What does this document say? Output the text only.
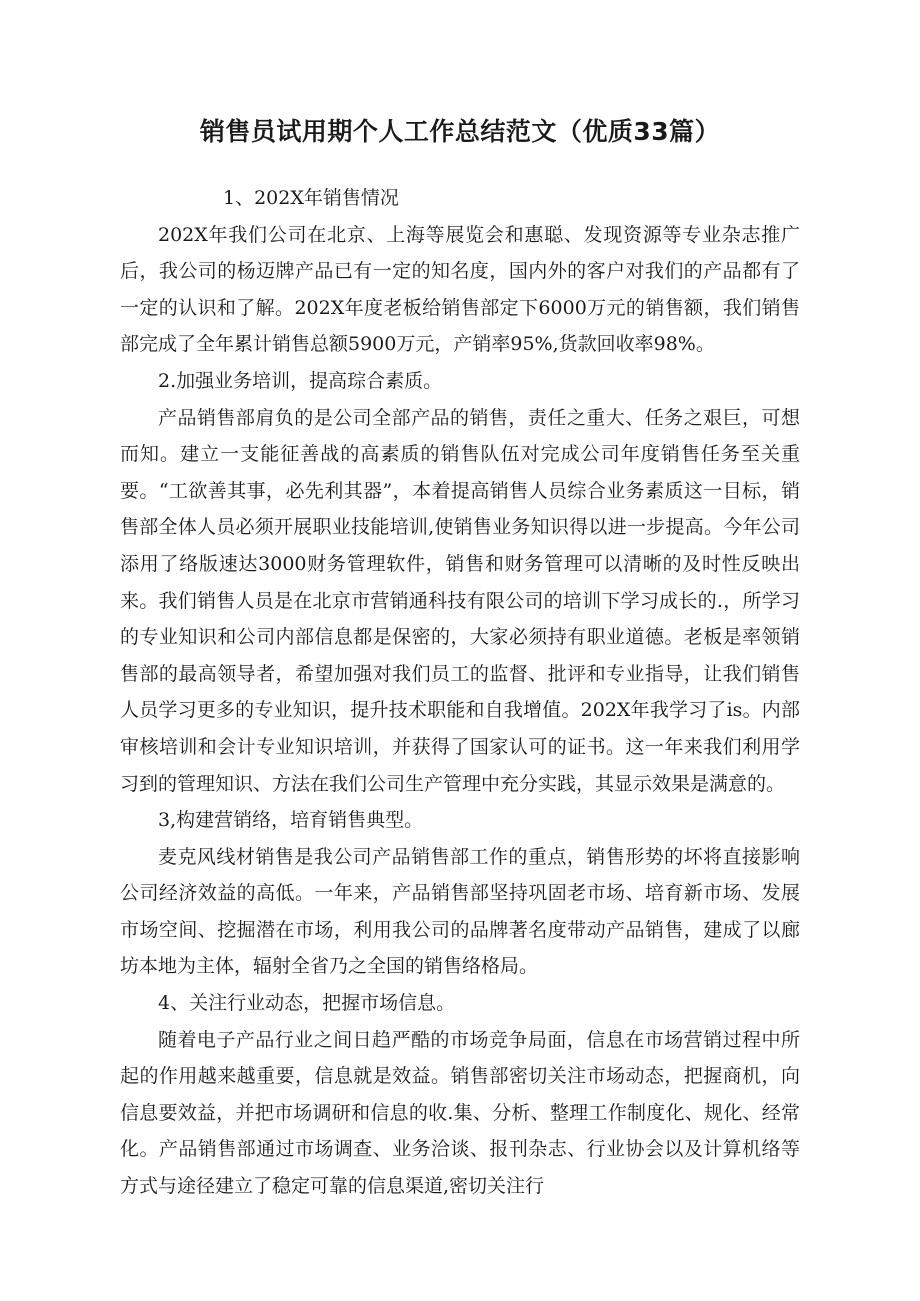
销售员试用期个人工作总结范文（优质33篇）

1、202X年销售情况

202X年我们公司在北京、上海等展览会和惠聪、发现资源等专业杂志推广后，我公司的杨迈牌产品已有一定的知名度，国内外的客户对我们的产品都有了一定的认识和了解。202X年度老板给销售部定下6000万元的销售额，我们销售部完成了全年累计销售总额5900万元，产销率95%,货款回收率98%。

2.加强业务培训，提高琮合素质。

产品销售部肩负的是公司全部产品的销售，责任之重大、任务之艰巨，可想而知。建立一支能征善战的高素质的销售队伍对完成公司年度销售任务至关重要。“工欲善其事，必先利其器”，本着提高销售人员综合业务素质这一目标，销售部全体人员必须开展职业技能培训,使销售业务知识得以进一步提高。今年公司添用了络版速达3000财务管理软件，销售和财务管理可以清晰的及时性反映出来。我们销售人员是在北京市营销通科技有限公司的培训下学习成长的.，所学习的专业知识和公司内部信息都是保密的，大家必须持有职业道德。老板是率领销售部的最高领导者，希望加强对我们员工的监督、批评和专业指导，让我们销售人员学习更多的专业知识，提升技术职能和自我增值。202X年我学习了is。内部审核培训和会计专业知识培训，并获得了国家认可的证书。这一年来我们利用学习到的管理知识、方法在我们公司生产管理中充分实践，其显示效果是满意的。

3,构建营销络，培育销售典型。

麦克风线材销售是我公司产品销售部工作的重点，销售形势的坏将直接影响公司经济效益的高低。一年来，产品销售部坚持巩固老市场、培育新市场、发展市场空间、挖掘潜在市场，利用我公司的品牌著名度带动产品销售，建成了以廊坊本地为主体，辐射全省乃之全国的销售络格局。

4、关注行业动态，把握市场信息。

随着电子产品行业之间日趋严酷的市场竞争局面，信息在市场营销过程中所起的作用越来越重要，信息就是效益。销售部密切关注市场动态，把握商机，向信息要效益，并把市场调研和信息的收.集、分析、整理工作制度化、规化、经常化。产品销售部通过市场调查、业务洽谈、报刊杂志、行业协会以及计算机络等方式与途径建立了稳定可靠的信息渠道,密切关注行
